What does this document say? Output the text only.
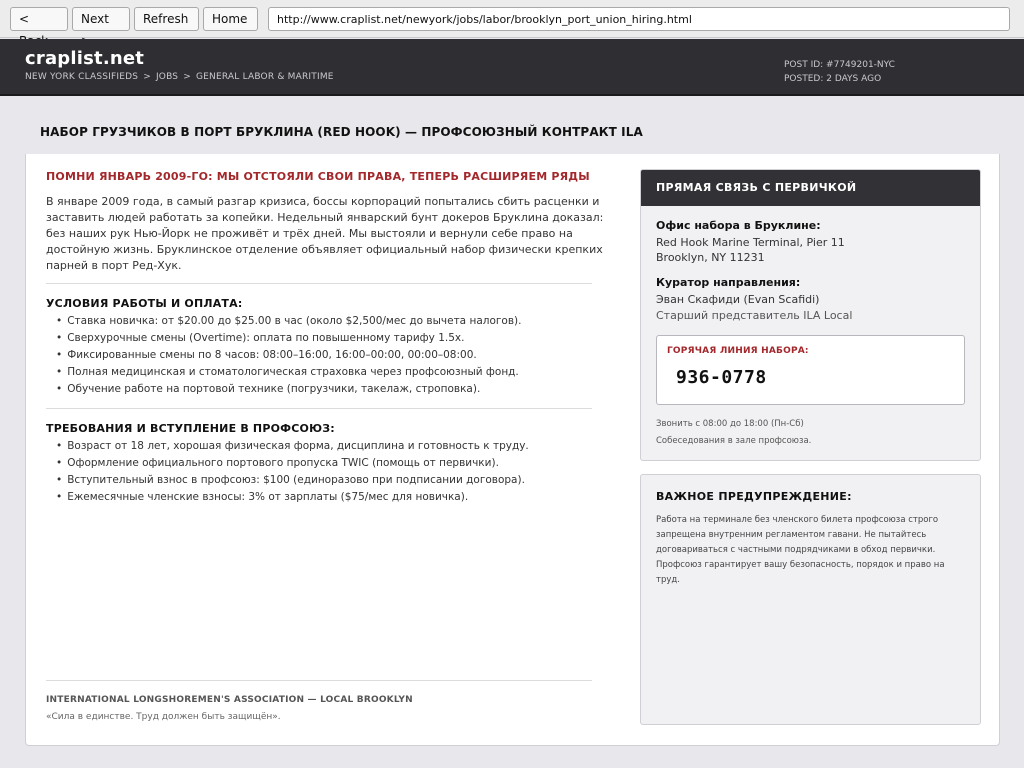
<	Next	Refresh	Home
http://www.craplist.net/newyork/jobs/labor/brooklyn_port_union_hiring.html
craplist.net
NEW YORK CLASSIFIEDS > JOBS > GENERAL LABOR & MARITIME
POST ID: #7749201-NYC
POSTED: 2 DAYS AGO
НАБОР ГРУЗЧИКОВ В ПОРТ БРУКЛИНА (RED HOOK) — ПРОФСОЮЗНЫЙ КОНТРАКТ ILA
ПОМНИ ЯНВАРЬ 2009-ГО: МЫ ОТСТОЯЛИ СВОИ ПРАВА, ТЕПЕРЬ РАСШИРЯЕМ РЯДЫ

В январе 2009 года, в самый разгар кризиса, боссы корпораций попытались сбить расценки и заставить людей работать за копейки. Недельный январский бунт докеров Бруклина доказал: без наших рук Нью-Йорк не проживёт и трёх дней. Мы выстояли и вернули себе право на достойную жизнь. Бруклинское отделение объявляет официальный набор физически крепких парней в порт Ред-Хук.

УСЛОВИЯ РАБОТЫ И ОПЛАТА:
• Ставка новичка: от $20.00 до $25.00 в час (около $2,500/мес до вычета налогов).
• Сверхурочные смены (Overtime): оплата по повышенному тарифу 1.5x.
• Фиксированные смены по 8 часов: 08:00–16:00, 16:00–00:00, 00:00–08:00.
• Полная медицинская и стоматологическая страховка через профсоюзный фонд.
• Обучение работе на портовой технике (погрузчики, такелаж, строповка).
ТРЕБОВАНИЯ И ВСТУПЛЕНИЕ В ПРОФСОЮЗ:
• Возраст от 18 лет, хорошая физическая форма, дисциплина и готовность к труду.
• Оформление официального портового пропуска TWIC (помощь от первички).
• Вступительный взнос в профсоюз: $100 (единоразово при подписании договора).
• Ежемесячные членские взносы: 3% от зарплаты ($75/мес для новичка).
INTERNATIONAL LONGSHOREMEN'S ASSOCIATION — LOCAL BROOKLYN
«Сила в единстве. Труд должен быть защищён».
ПРЯМАЯ СВЯЗЬ С ПЕРВИЧКОЙ
Офис набора в Бруклине:
Red Hook Marine Terminal, Pier 11
Brooklyn, NY 11231
Куратор направления:
Эван Скафиди (Evan Scafidi)
Старший представитель ILA Local
ГОРЯЧАЯ ЛИНИЯ НАБОРА:
936-0778
Звонить с 08:00 до 18:00 (Пн-Сб)
Собеседования в зале профсоюза.
ВАЖНОЕ ПРЕДУПРЕЖДЕНИЕ:

Работа на терминале без членского билета профсоюза строго запрещена внутренним регламентом гавани. Не пытайтесь договариваться с частными подрядчиками в обход первички. Профсоюз гарантирует вашу безопасность, порядок и право на труд.
